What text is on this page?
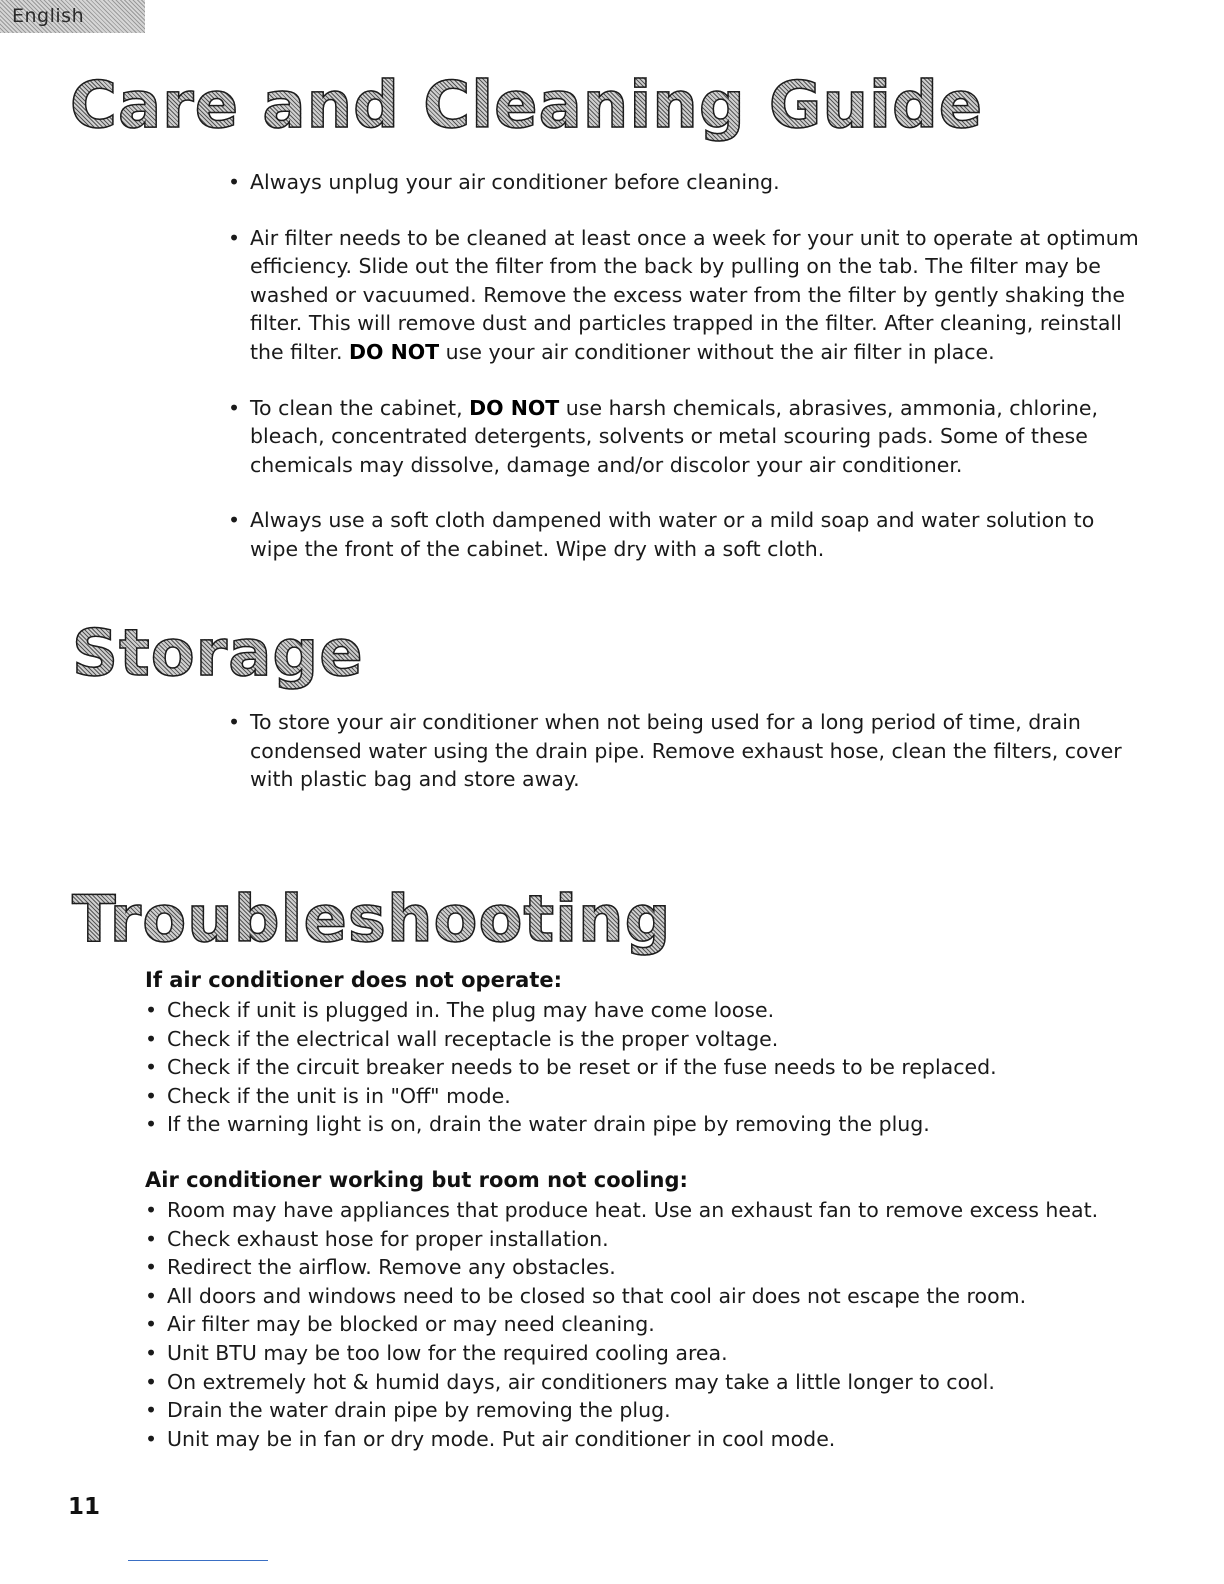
English
Care and Cleaning Guide
• Always unplug your air conditioner before cleaning.
• Air filter needs to be cleaned at least once a week for your unit to operate at optimum efficiency. Slide out the filter from the back by pulling on the tab. The filter may be washed or vacuumed. Remove the excess water from the filter by gently shaking the filter. This will remove dust and particles trapped in the filter. After cleaning, reinstall the filter. DO NOT use your air conditioner without the air filter in place.
• To clean the cabinet, DO NOT use harsh chemicals, abrasives, ammonia, chlorine, bleach, concentrated detergents, solvents or metal scouring pads. Some of these chemicals may dissolve, damage and/or discolor your air conditioner.
• Always use a soft cloth dampened with water or a mild soap and water solution to wipe the front of the cabinet. Wipe dry with a soft cloth.
Storage
• To store your air conditioner when not being used for a long period of time, drain condensed water using the drain pipe. Remove exhaust hose, clean the filters, cover with plastic bag and store away.
Troubleshooting
If air conditioner does not operate:
• Check if unit is plugged in. The plug may have come loose.
• Check if the electrical wall receptacle is the proper voltage.
• Check if the circuit breaker needs to be reset or if the fuse needs to be replaced.
• Check if the unit is in "Off" mode.
• If the warning light is on, drain the water drain pipe by removing the plug.
Air conditioner working but room not cooling:
• Room may have appliances that produce heat. Use an exhaust fan to remove excess heat.
• Check exhaust hose for proper installation.
• Redirect the airflow. Remove any obstacles.
• All doors and windows need to be closed so that cool air does not escape the room.
• Air filter may be blocked or may need cleaning.
• Unit BTU may be too low for the required cooling area.
• On extremely hot & humid days, air conditioners may take a little longer to cool.
• Drain the water drain pipe by removing the plug.
• Unit may be in fan or dry mode. Put air conditioner in cool mode.
11
